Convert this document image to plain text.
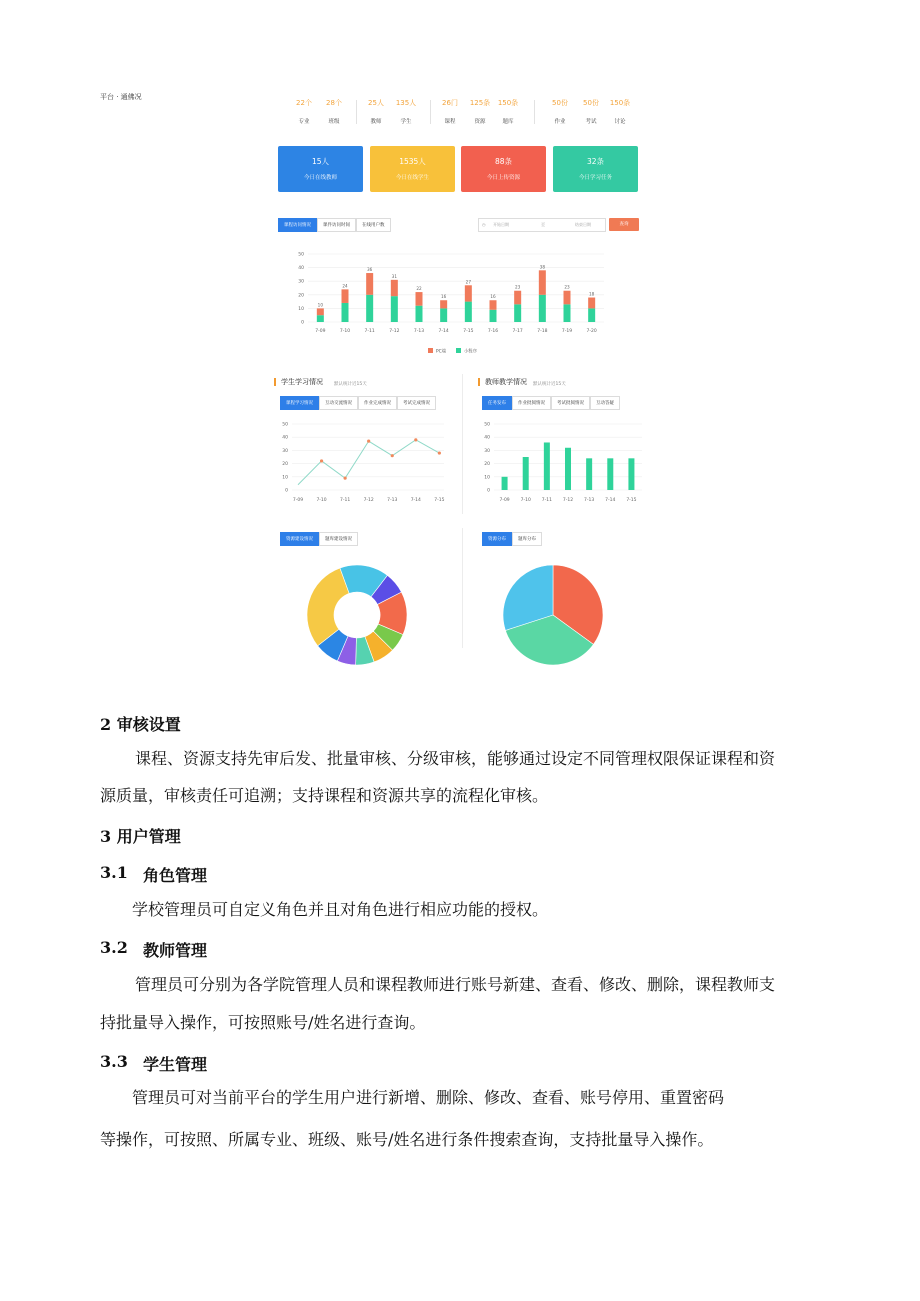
平台 · 通佛况
22个
专业
28个
班级
25人
教师
135人
学生
26门
课程
125条
资源
150条
题库
50份
作业
50份
考试
150条
讨论
15人
今日在线教师
1535人
今日在线学生
88条
今日上传资源
32条
今日学习任务
课程访问情况	课件访问时间	在线用户数	◷ 开始日期	至	结束日期	查询
0
10
20
30
40
50
10
7-09
24
7-10
36
7-11
31
7-12
22
7-13
16
7-14
27
7-15
16
7-16
23
7-17
38
7-18
23
7-19
18
7-20
PC端	小程序
学生学习情况 默认统计近15天	教师教学情况 默认统计近15天
课程学习情况	互动交流情况	作业完成情况	考试完成情况	任务发布	作业批阅情况	考试批阅情况	互动答疑
0
10
20
30
40
50
7-09	7-10	7-11	7-12	7-13	7-14	7-15
0
10
20
30
40
50
7-09 7-10 7-11 7-12 7-13 7-14 7-15
资源建设情况	题库建设情况	资源分布	题库分布
2 审核设置
课程、资源支持先审后发、批量审核、分级审核，能够通过设定不同管理权限保证课程和资
源质量，审核责任可追溯；支持课程和资源共享的流程化审核。
3 用户管理
3.1 角色管理
学校管理员可自定义角色并且对角色进行相应功能的授权。
3.2 教师管理
管理员可分别为各学院管理人员和课程教师进行账号新建、查看、修改、删除，课程教师支
持批量导入操作，可按照账号/姓名进行查询。
3.3 学生管理
管理员可对当前平台的学生用户进行新增、删除、修改、查看、账号停用、重置密码
等操作，可按照、所属专业、班级、账号/姓名进行条件搜索查询，支持批量导入操作。
